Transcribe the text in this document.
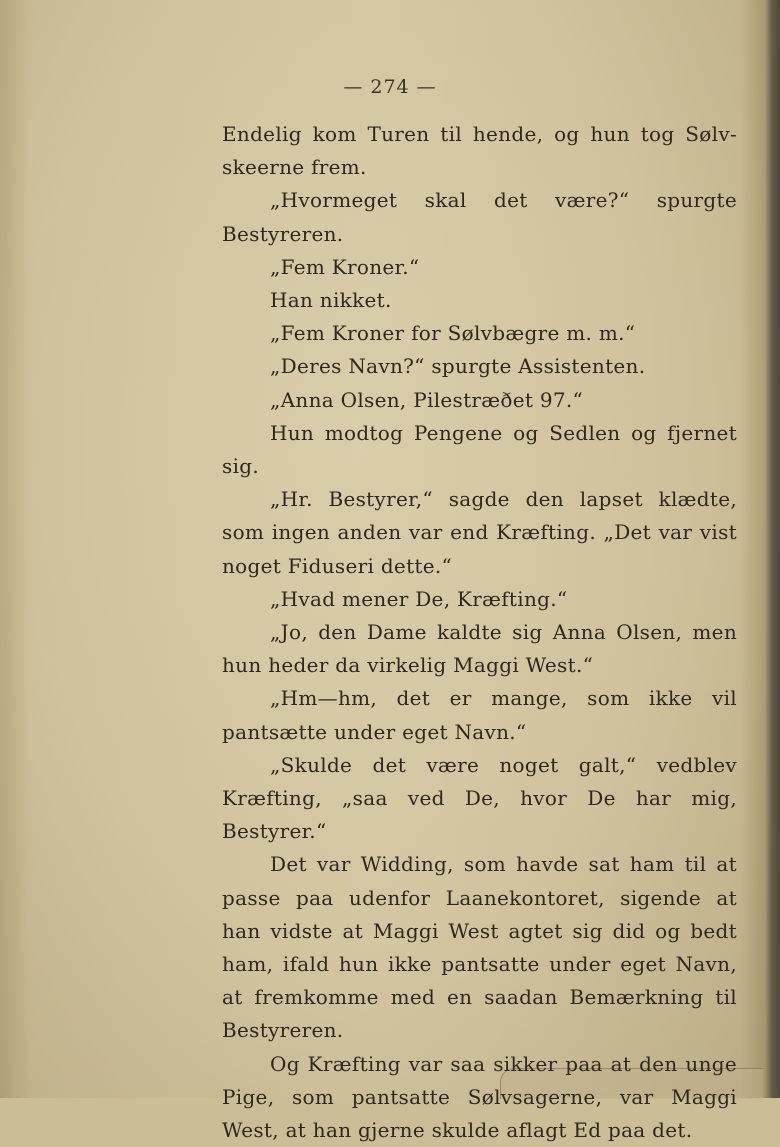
— 274 —

Endelig kom Turen til hende, og hun tog Sølv-skeerne frem.

„Hvormeget skal det være?“ spurgte Bestyreren.

„Fem Kroner.“

Han nikket.

„Fem Kroner for Sølvbægre m. m.“

„Deres Navn?“ spurgte Assistenten.

„Anna Olsen, Pilestræðet 97.“

Hun modtog Pengene og Sedlen og fjernet sig.

„Hr. Bestyrer,“ sagde den lapset klædte, som ingen anden var end Kræfting. „Det var vist noget Fiduseri dette.“

„Hvad mener De, Kræfting.“

„Jo, den Dame kaldte sig Anna Olsen, men hun heder da virkelig Maggi West.“

„Hm—hm, det er mange, som ikke vil pantsætte under eget Navn.“

„Skulde det være noget galt,“ vedblev Kræfting, „saa ved De, hvor De har mig, Bestyrer.“

Det var Widding, som havde sat ham til at passe paa udenfor Laanekontoret, sigende at han vidste at Maggi West agtet sig did og bedt ham, ifald hun ikke pantsatte under eget Navn, at fremkomme med en saadan Bemærkning til Bestyreren.

Og Kræfting var saa sikker paa at den unge Pige, som pantsatte Sølvsagerne, var Maggi West, at han gjerne skulde aflagt Ed paa det.
